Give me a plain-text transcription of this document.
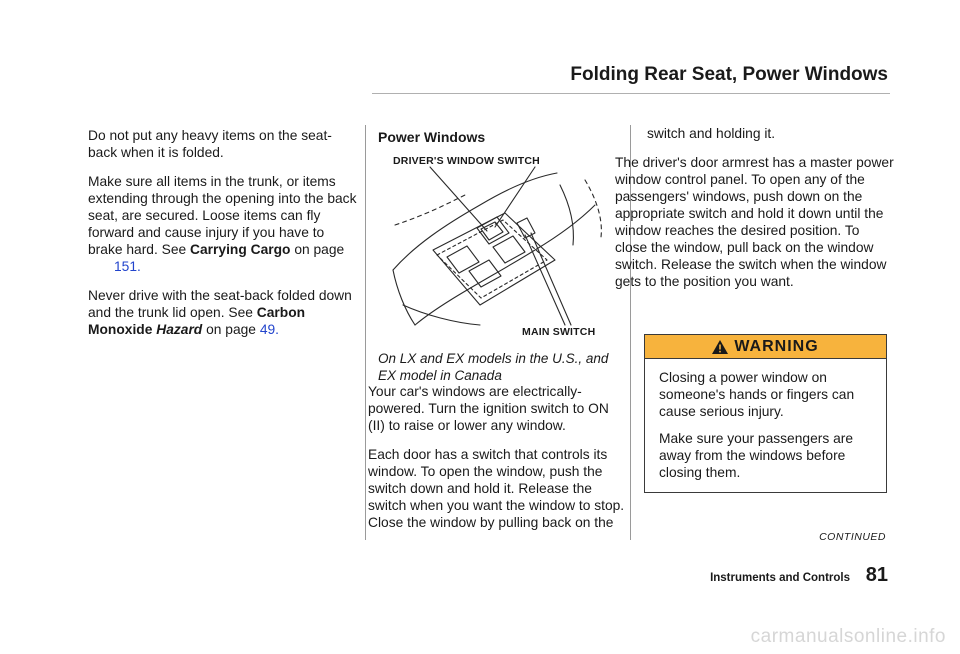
Folding Rear Seat, Power Windows

Do not put any heavy items on the seat-back when it is folded.

Make sure all items in the trunk, or items extending through the opening into the back seat, are secured. Loose items can fly forward and cause injury if you have to brake hard. See Carrying Cargo on page
151.

Never drive with the seat-back folded down and the trunk lid open. See Carbon Monoxide Hazard on page 49.

Power Windows
DRIVER'S WINDOW SWITCH
MAIN SWITCH
On LX and EX models in the U.S., and EX model in Canada

Your car's windows are electrically-powered. Turn the ignition switch to ON (II) to raise or lower any window.

Each door has a switch that controls its window. To open the window, push the switch down and hold it. Release the switch when you want the window to stop. Close the window by pulling back on the

switch and holding it.

The driver's door armrest has a master power window control panel. To open any of the passengers' windows, push down on the appropriate switch and hold it down until the window reaches the desired position. To close the window, pull back on the window switch. Release the switch when the window gets to the position you want.

WARNING

Closing a power window on someone's hands or fingers can cause serious injury.

Make sure your passengers are away from the windows before closing them.

CONTINUED
Instruments and Controls 81
carmanualsonline.info
